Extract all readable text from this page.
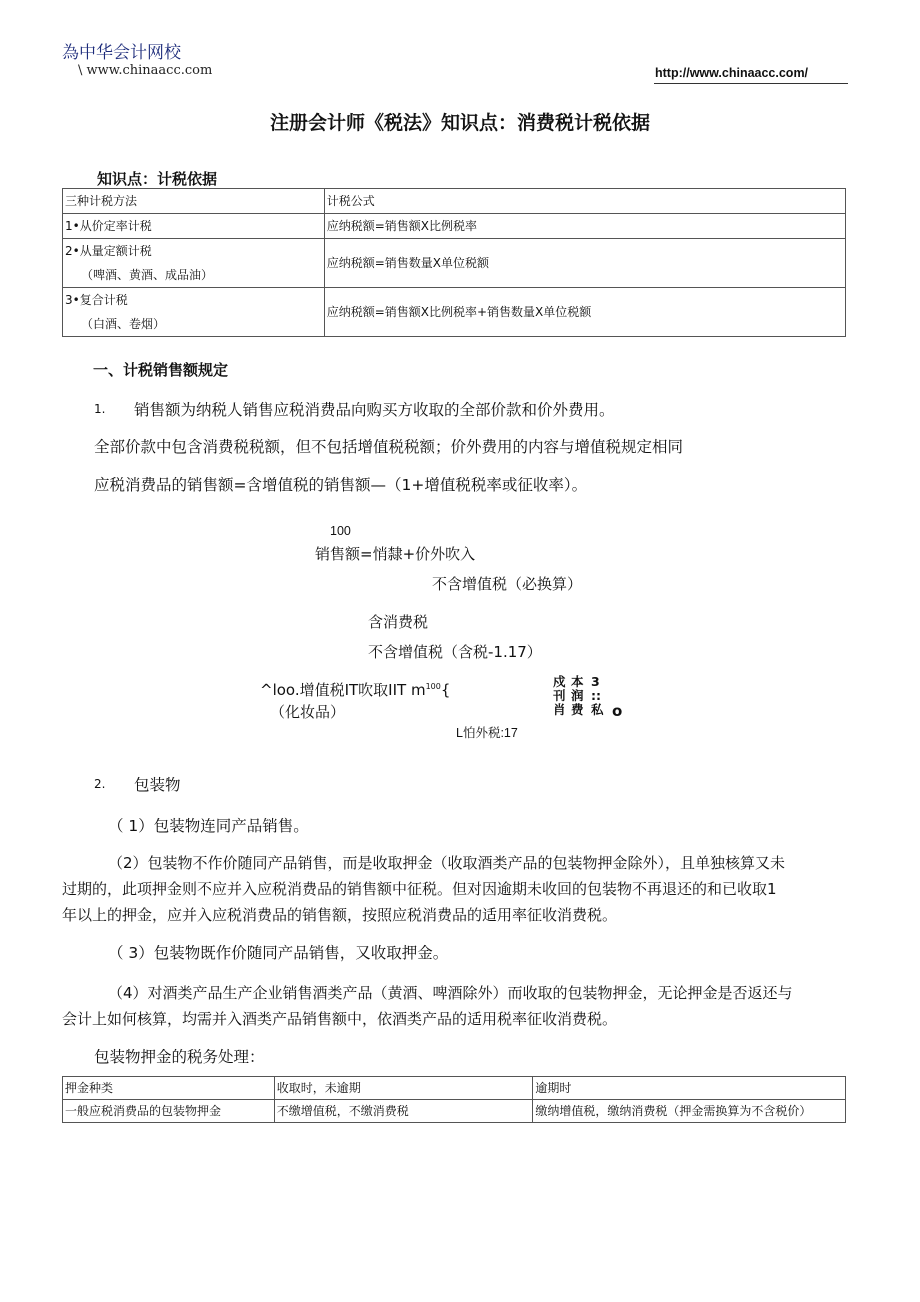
為中华会计网校
\ www.chinaacc.com	http://www.chinaacc.com/
注册会计师《税法》知识点：消费税计税依据
知识点：计税依据
三种计税方法	计税公式

1•从价定率计税	应纳税额=销售额X比例税率

2•从量定额计税
（啤酒、黄酒、成品油）	应纳税额=销售数量X单位税额

3•复合计税
（白酒、卷烟）	应纳税额=销售额X比例税率+销售数量X单位税额
一、计税销售额规定
1. 销售额为纳税人销售应税消费品向购买方收取的全部价款和价外费用。
全部价款中包含消费税税额，但不包括增值税税额；价外费用的内容与增值税规定相同
应税消费品的销售额=含增值税的销售额—（1+增值税税率或征收率）。
100
销售额=悄隸+价外吹入
不含增值税（必换算）
含消费税
不含增值税（含税-1.17）
^loo.增值税IT吹取IIT $m^{100}${
（化妆品）
戍
刊
肖
本
润
费
3
::
私 o
L怕外税:17
2. 包装物
（ 1）包装物连同产品销售。
（2）包装物不作价随同产品销售，而是收取押金（收取酒类产品的包装物押金除外），且单独核算又未
过期的，此项押金则不应并入应税消费品的销售额中征税。但对因逾期未收回的包装物不再退还的和已收取1
年以上的押金，应并入应税消费品的销售额，按照应税消费品的适用率征收消费税。
（ 3）包装物既作价随同产品销售，又收取押金。
（4）对酒类产品生产企业销售酒类产品（黄酒、啤酒除外）而收取的包装物押金，无论押金是否返还与
会计上如何核算，均需并入酒类产品销售额中，依酒类产品的适用税率征收消费税。
包装物押金的税务处理：
押金种类	收取时，未逾期	逾期时
一般应税消费品的包装物押金	不缴增值税，不缴消费税	缴纳增值税，缴纳消费税（押金需换算为不含税价）
